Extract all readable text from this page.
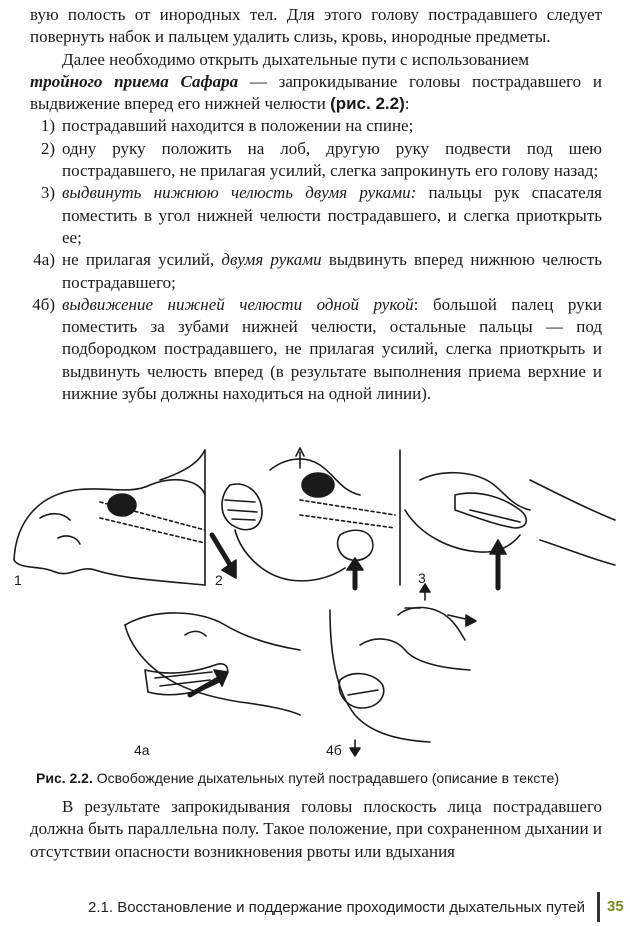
вую полость от инородных тел. Для этого голову пострадавшего следует повернуть набок и пальцем удалить слизь, кровь, инородные предметы.

Далее необходимо открыть дыхательные пути с использованием
тройного приема Сафара — запрокидывание головы пострадавшего и выдвижение вперед его нижней челюсти (рис. 2.2):

1) пострадавший находится в положении на спине;
2) одну руку положить на лоб, другую руку подвести под шею пострадавшего, не прилагая усилий, слегка запрокинуть его голову назад;
3) выдвинуть нижнюю челюсть двумя руками: пальцы рук спасателя поместить в угол нижней челюсти пострадавшего, и слегка приоткрыть ее;
4а) не прилагая усилий, двумя руками выдвинуть вперед нижнюю челюсть пострадавшего;
4б) выдвижение нижней челюсти одной рукой: большой палец руки поместить за зубами нижней челюсти, остальные пальцы — под подбородком пострадавшего, не прилагая усилий, слегка приоткрыть и выдвинуть челюсть вперед (в результате выполнения приема верхние и нижние зубы должны находиться на одной линии).
1	2	3
4а	4б
Рис. 2.2. Освобождение дыхательных путей пострадавшего (описание в тексте)

В результате запрокидывания головы плоскость лица пострадавшего должна быть параллельна полу. Такое положение, при сохраненном дыхании и отсутствии опасности возникновения рвоты или вдыхания

2.1. Восстановление и поддержание проходимости дыхательных путей 35
